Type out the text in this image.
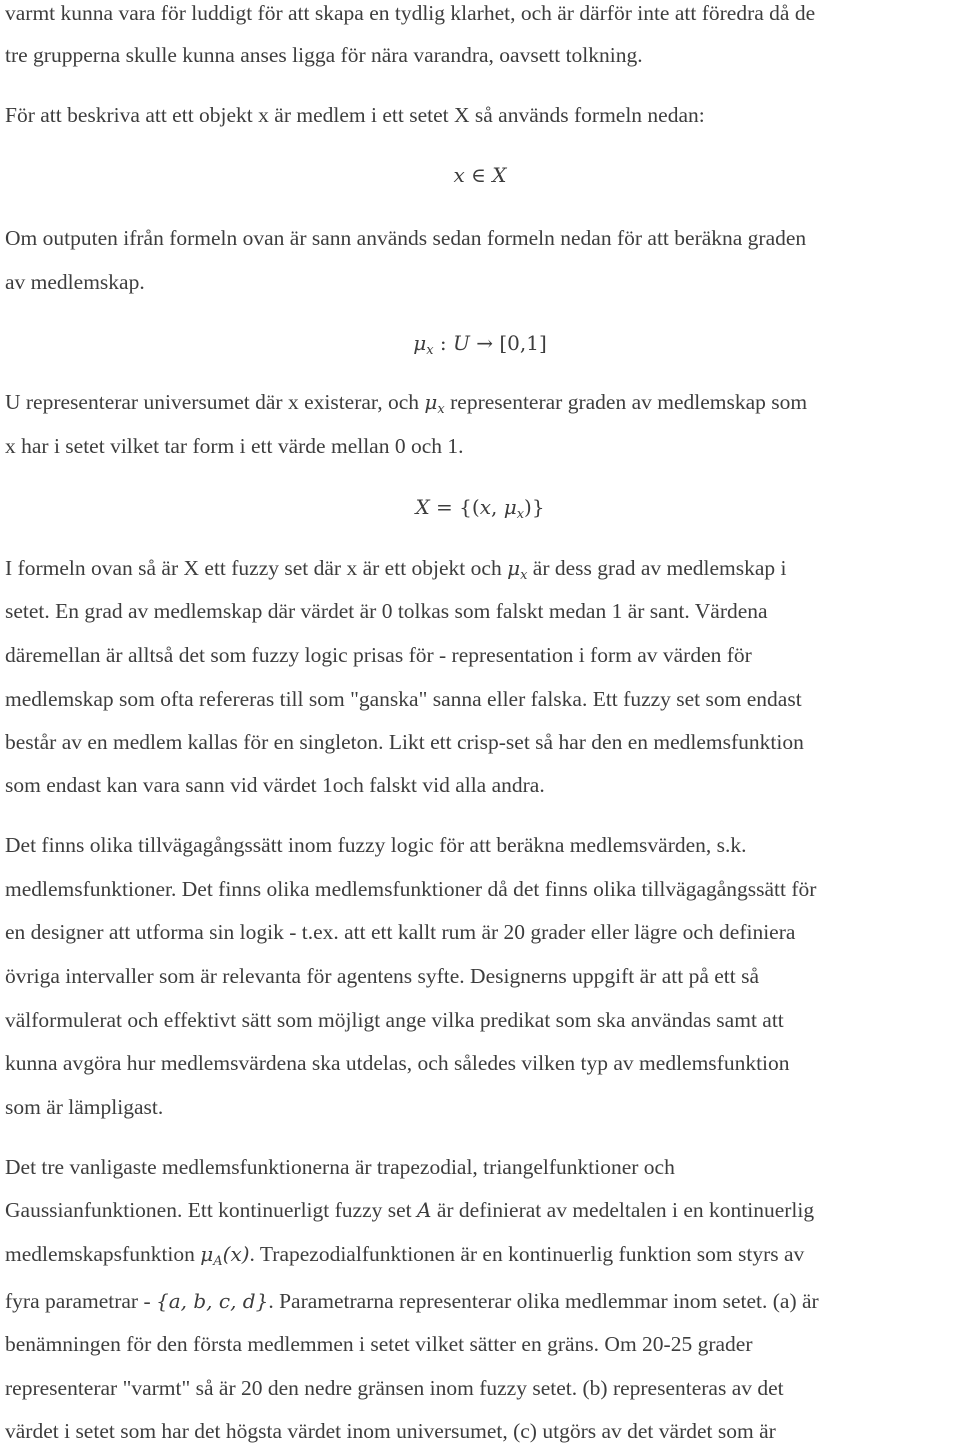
varmt kunna vara för luddigt för att skapa en tydlig klarhet, och är därför inte att föredra då de
tre grupperna skulle kunna anses ligga för nära varandra, oavsett tolkning.
För att beskriva att ett objekt x är medlem i ett setet X så används formeln nedan:
x ∈ X
Om outputen ifrån formeln ovan är sann används sedan formeln nedan för att beräkna graden
av medlemskap.
$\mu_x$ : U → [0,1]
U representerar universumet där x existerar, och $\mu_x$ representerar graden av medlemskap som
x har i setet vilket tar form i ett värde mellan 0 och 1.
X = {(x, $\mu_x$)}
I formeln ovan så är X ett fuzzy set där x är ett objekt och $\mu_x$ är dess grad av medlemskap i
setet. En grad av medlemskap där värdet är 0 tolkas som falskt medan 1 är sant. Värdena
däremellan är alltså det som fuzzy logic prisas för - representation i form av värden för
medlemskap som ofta refereras till som "ganska" sanna eller falska. Ett fuzzy set som endast
består av en medlem kallas för en singleton. Likt ett crisp-set så har den en medlemsfunktion
som endast kan vara sann vid värdet 1och falskt vid alla andra.
Det finns olika tillvägagångssätt inom fuzzy logic för att beräkna medlemsvärden, s.k.
medlemsfunktioner. Det finns olika medlemsfunktioner då det finns olika tillvägagångssätt för
en designer att utforma sin logik - t.ex. att ett kallt rum är 20 grader eller lägre och definiera
övriga intervaller som är relevanta för agentens syfte. Designerns uppgift är att på ett så
välformulerat och effektivt sätt som möjligt ange vilka predikat som ska användas samt att
kunna avgöra hur medlemsvärdena ska utdelas, och således vilken typ av medlemsfunktion
som är lämpligast.
Det tre vanligaste medlemsfunktionerna är trapezodial, triangelfunktioner och
Gaussianfunktionen. Ett kontinuerligt fuzzy set A är definierat av medeltalen i en kontinuerlig
medlemskapsfunktion $\mu_A(x)$. Trapezodialfunktionen är en kontinuerlig funktion som styrs av
fyra parametrar - {a, b, c, d}. Parametrarna representerar olika medlemmar inom setet. (a) är
benämningen för den första medlemmen i setet vilket sätter en gräns. Om 20-25 grader
representerar "varmt" så är 20 den nedre gränsen inom fuzzy setet. (b) representeras av det
värdet i setet som har det högsta värdet inom universumet, (c) utgörs av det värdet som är
